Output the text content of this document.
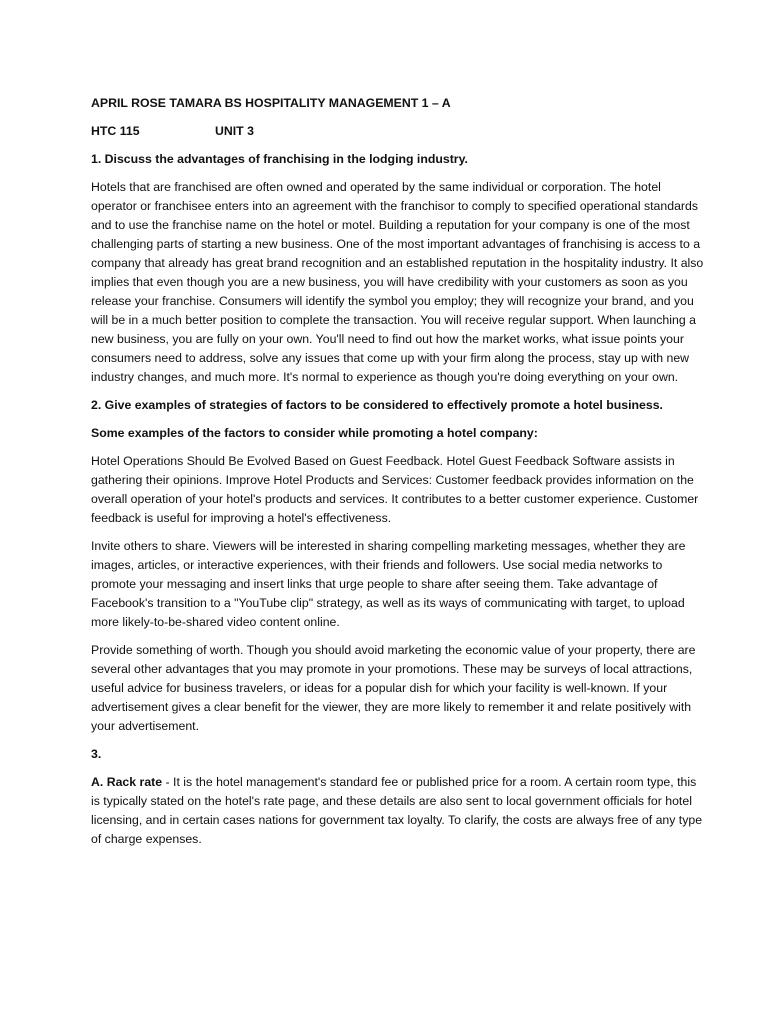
APRIL ROSE TAMARA BS HOSPITALITY MANAGEMENT 1 – A

HTC 115	UNIT 3

1. Discuss the advantages of franchising in the lodging industry.

Hotels that are franchised are often owned and operated by the same individual or corporation. The hotel operator or franchisee enters into an agreement with the franchisor to comply to specified operational standards and to use the franchise name on the hotel or motel. Building a reputation for your company is one of the most challenging parts of starting a new business. One of the most important advantages of franchising is access to a company that already has great brand recognition and an established reputation in the hospitality industry. It also implies that even though you are a new business, you will have credibility with your customers as soon as you release your franchise. Consumers will identify the symbol you employ; they will recognize your brand, and you will be in a much better position to complete the transaction. You will receive regular support. When launching a new business, you are fully on your own. You'll need to find out how the market works, what issue points your consumers need to address, solve any issues that come up with your firm along the process, stay up with new industry changes, and much more. It's normal to experience as though you're doing everything on your own.

2. Give examples of strategies of factors to be considered to effectively promote a hotel business.

Some examples of the factors to consider while promoting a hotel company:

Hotel Operations Should Be Evolved Based on Guest Feedback. Hotel Guest Feedback Software assists in gathering their opinions. Improve Hotel Products and Services: Customer feedback provides information on the overall operation of your hotel's products and services. It contributes to a better customer experience. Customer feedback is useful for improving a hotel's effectiveness.

Invite others to share. Viewers will be interested in sharing compelling marketing messages, whether they are images, articles, or interactive experiences, with their friends and followers. Use social media networks to promote your messaging and insert links that urge people to share after seeing them. Take advantage of Facebook's transition to a "YouTube clip" strategy, as well as its ways of communicating with target, to upload more likely-to-be-shared video content online.

Provide something of worth. Though you should avoid marketing the economic value of your property, there are several other advantages that you may promote in your promotions. These may be surveys of local attractions, useful advice for business travelers, or ideas for a popular dish for which your facility is well-known. If your advertisement gives a clear benefit for the viewer, they are more likely to remember it and relate positively with your advertisement.

3.

A. Rack rate - It is the hotel management's standard fee or published price for a room. A certain room type, this is typically stated on the hotel's rate page, and these details are also sent to local government officials for hotel licensing, and in certain cases nations for government tax loyalty. To clarify, the costs are always free of any type of charge expenses.
